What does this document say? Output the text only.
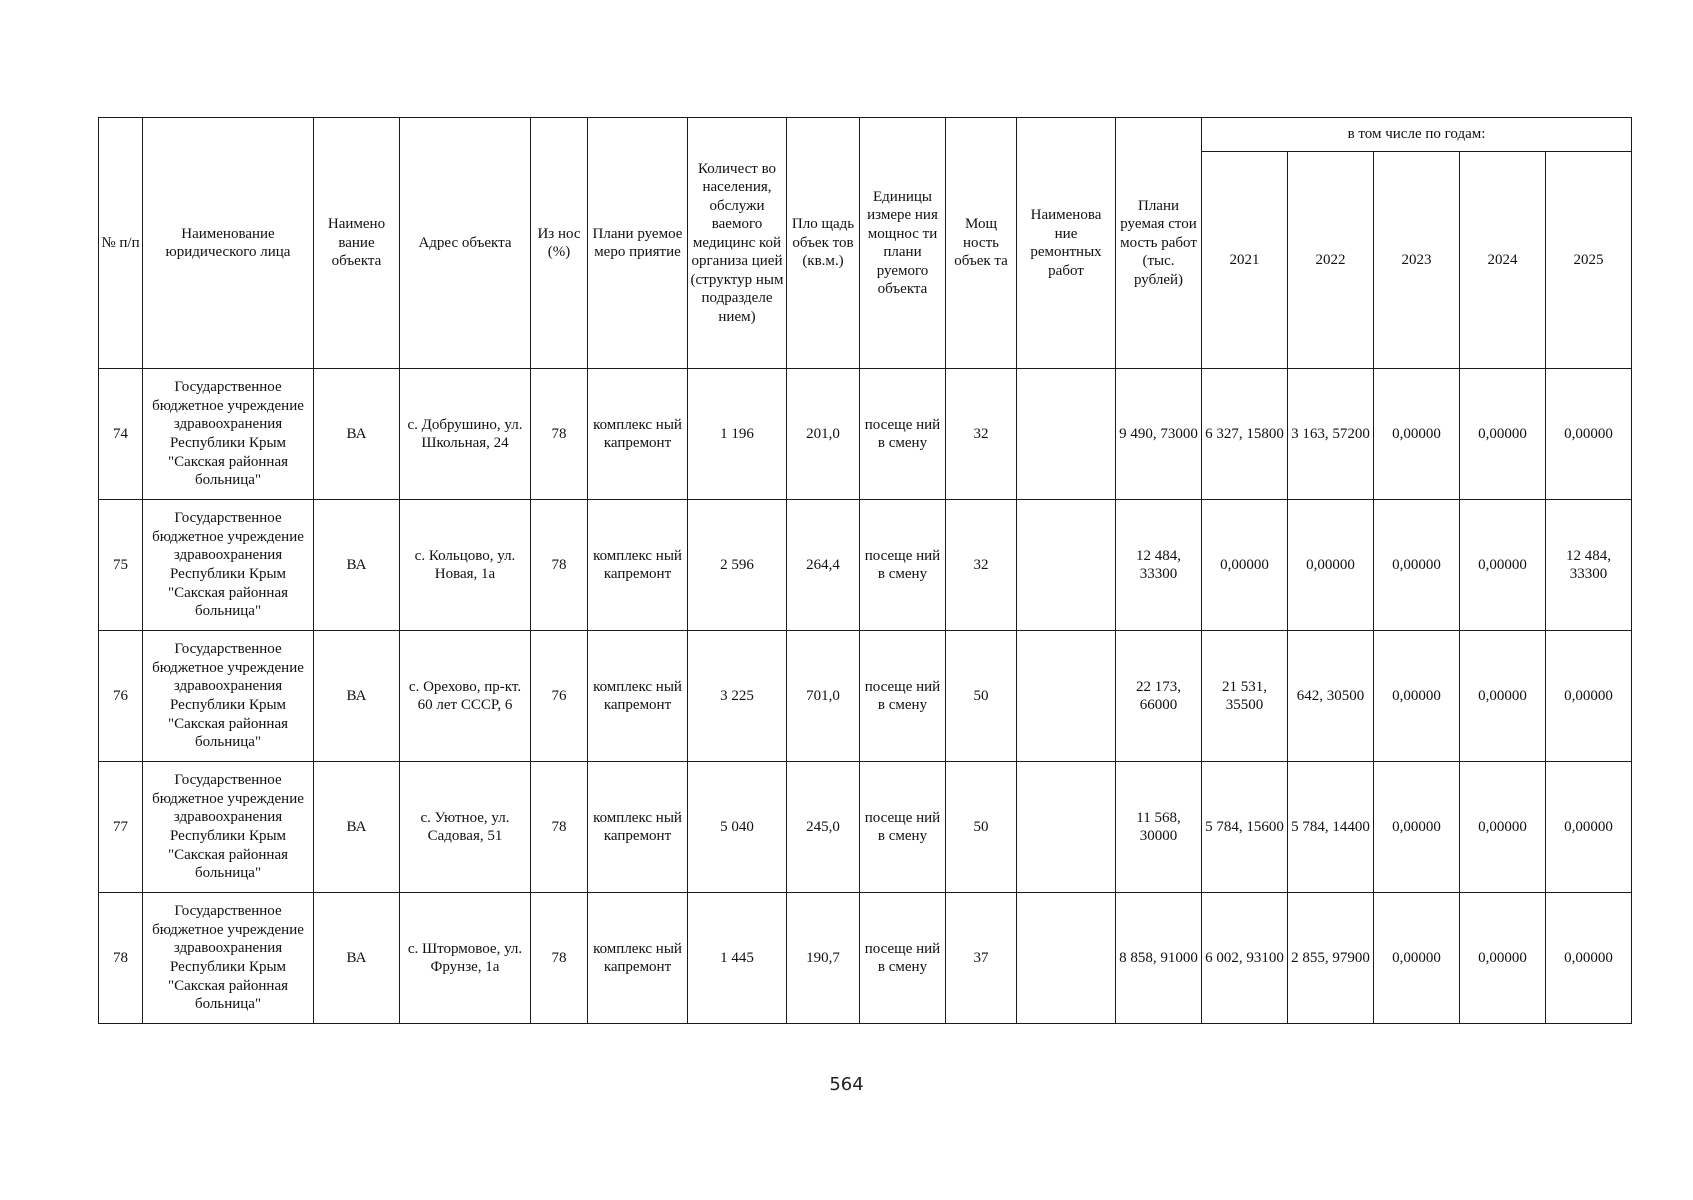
№ п/п	Наименование юридического лица	Наимено вание объекта	Адрес объекта	Из нос (%)	Плани руемое меро приятие	Количест во населения, обслужи ваемого медицинс кой организа цией (структур ным подразделе нием)	Пло щадь объек тов (кв.м.)	Единицы измере ния мощнос ти плани руемого объекта	Мощ ность объек та	Наименова ние ремонтных работ	Плани руемая стои мость работ (тыс. рублей)	в том числе по годам:				
												2021	2022	2023	2024	2025
74	Государственное бюджетное учреждение здравоохранения Республики Крым "Сакская районная больница"	ВА	с. Добрушино, ул. Школьная, 24	78	комплекс ный капремонт	1 196	201,0	посеще ний в смену	32		9 490, 73000	6 327, 15800	3 163, 57200	0,00000	0,00000	0,00000
75	Государственное бюджетное учреждение здравоохранения Республики Крым "Сакская районная больница"	ВА	с. Кольцово, ул. Новая, 1а	78	комплекс ный капремонт	2 596	264,4	посеще ний в смену	32		12 484, 33300	0,00000	0,00000	0,00000	0,00000	12 484, 33300
76	Государственное бюджетное учреждение здравоохранения Республики Крым "Сакская районная больница"	ВА	с. Орехово, пр-кт. 60 лет СССР, 6	76	комплекс ный капремонт	3 225	701,0	посеще ний в смену	50		22 173, 66000	21 531, 35500	642, 30500	0,00000	0,00000	0,00000
77	Государственное бюджетное учреждение здравоохранения Республики Крым "Сакская районная больница"	ВА	с. Уютное, ул. Садовая, 51	78	комплекс ный капремонт	5 040	245,0	посеще ний в смену	50		11 568, 30000	5 784, 15600	5 784, 14400	0,00000	0,00000	0,00000
78	Государственное бюджетное учреждение здравоохранения Республики Крым "Сакская районная больница"	ВА	с. Штормовое, ул. Фрунзе, 1а	78	комплекс ный капремонт	1 445	190,7	посеще ний в смену	37		8 858, 91000	6 002, 93100	2 855, 97900	0,00000	0,00000	0,00000
564
